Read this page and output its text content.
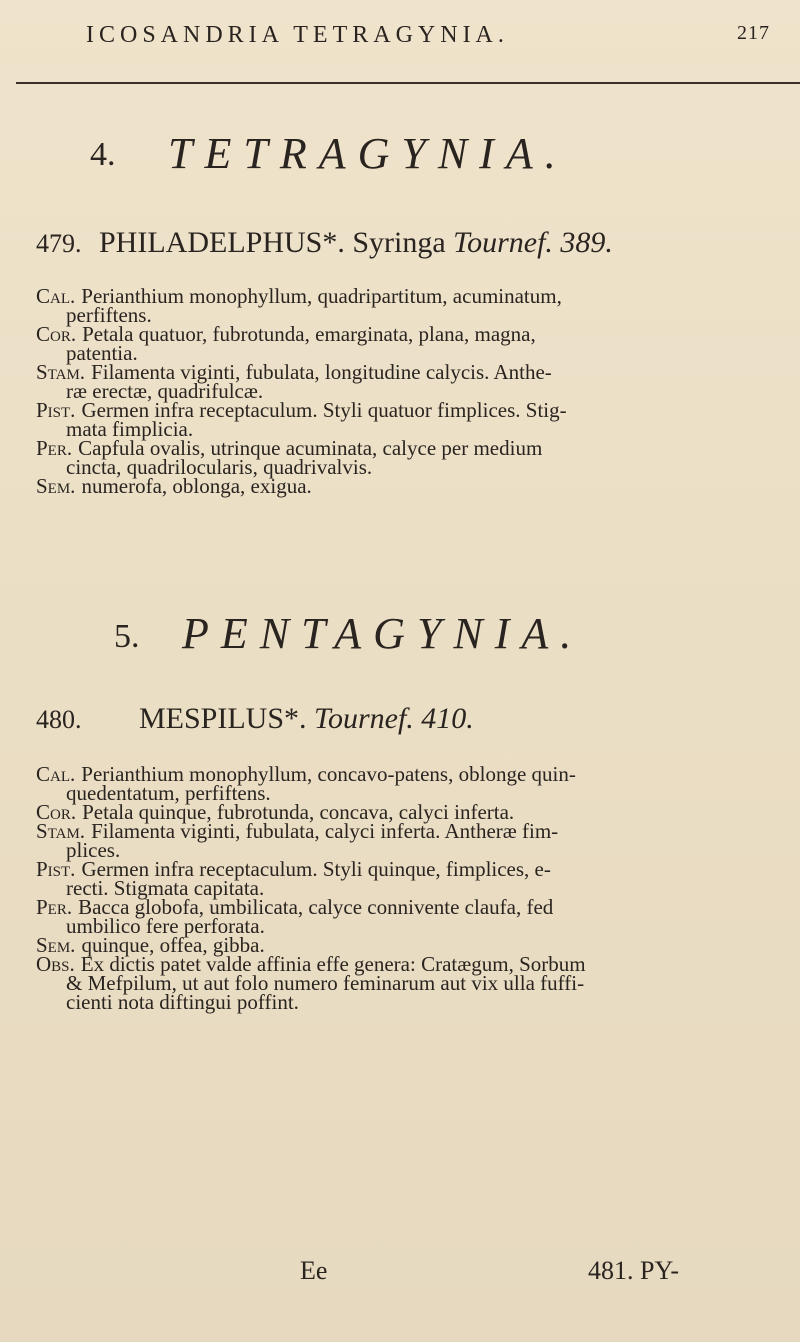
ICOSANDRIA TETRAGYNIA.	217
4. TETRAGYNIA.
479. PHILADELPHUS*. Syringa Tournef. 389.
Cal. Perianthium monophyllum, quadripartitum, acuminatum,
perfiftens.
Cor. Petala quatuor, fubrotunda, emarginata, plana, magna,
patentia.
Stam. Filamenta viginti, fubulata, longitudine calycis. Anthe-
ræ erectæ, quadrifulcæ.
Pist. Germen infra receptaculum. Styli quatuor fimplices. Stig-
mata fimplicia.
Per. Capfula ovalis, utrinque acuminata, calyce per medium
cincta, quadrilocularis, quadrivalvis.
Sem. numerofa, oblonga, exigua.
5. PENTAGYNIA.
480. MESPILUS*. Tournef. 410.
Cal. Perianthium monophyllum, concavo-patens, oblonge quin-
quedentatum, perfiftens.
Cor. Petala quinque, fubrotunda, concava, calyci inferta.
Stam. Filamenta viginti, fubulata, calyci inferta. Antheræ fim-
plices.
Pist. Germen infra receptaculum. Styli quinque, fimplices, e-
recti. Stigmata capitata.
Per. Bacca globofa, umbilicata, calyce connivente claufa, fed
umbilico fere perforata.
Sem. quinque, offea, gibba.
Obs. Ex dictis patet valde affinia effe genera: Cratægum, Sorbum
& Mefpilum, ut aut folo numero feminarum aut vix ulla fuffi-
cienti nota diftingui poffint.
Ee	481. PY-
